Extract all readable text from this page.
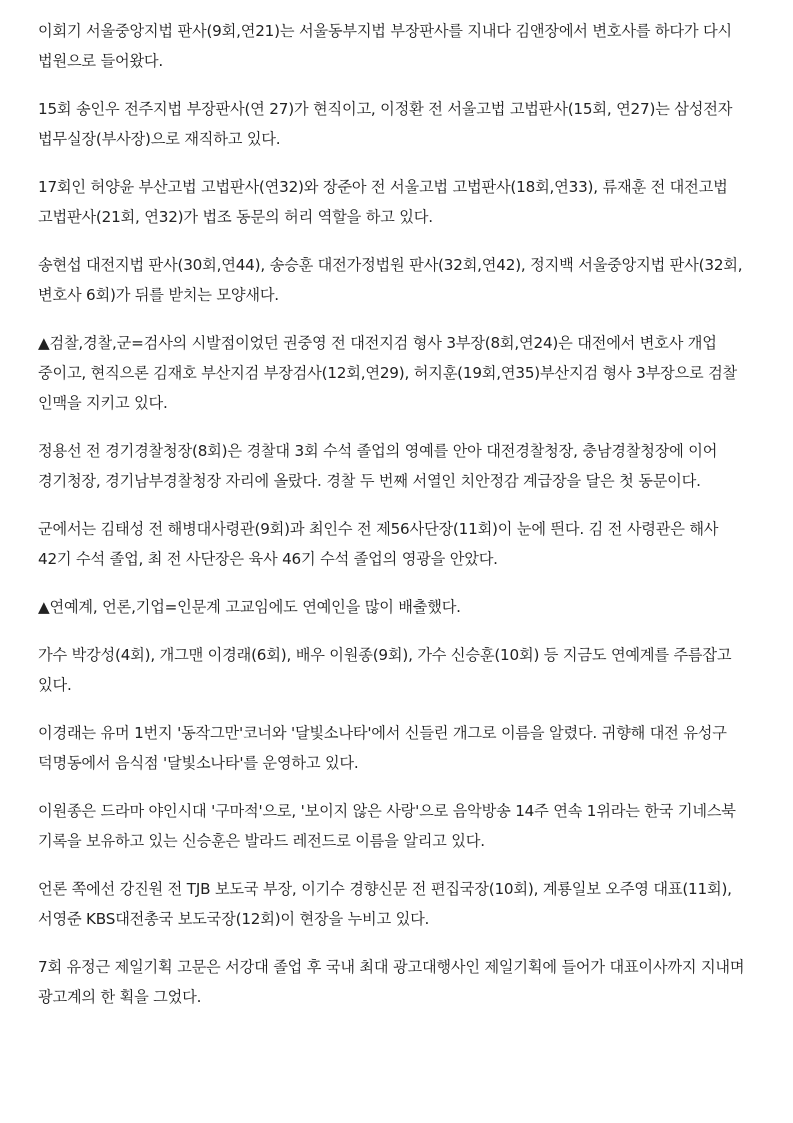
이회기 서울중앙지법 판사(9회,연21)는 서울동부지법 부장판사를 지내다 김앤장에서 변호사를 하다가 다시 법원으로 들어왔다.

15회 송인우 전주지법 부장판사(연 27)가 현직이고, 이정환 전 서울고법 고법판사(15회, 연27)는 삼성전자 법무실장(부사장)으로 재직하고 있다.

17회인 허양윤 부산고법 고법판사(연32)와 장준아 전 서울고법 고법판사(18회,연33), 류재훈 전 대전고법 고법판사(21회, 연32)가 법조 동문의 허리 역할을 하고 있다.

송현섭 대전지법 판사(30회,연44), 송승훈 대전가정법원 판사(32회,연42), 정지백 서울중앙지법 판사(32회,변호사 6회)가 뒤를 받치는 모양새다.

▲검찰,경찰,군=검사의 시발점이었던 권중영 전 대전지검 형사 3부장(8회,연24)은 대전에서 변호사 개업 중이고, 현직으론 김재호 부산지검 부장검사(12회,연29), 허지훈(19회,연35)부산지검 형사 3부장으로 검찰 인맥을 지키고 있다.

정용선 전 경기경찰청장(8회)은 경찰대 3회 수석 졸업의 영예를 안아 대전경찰청장, 충남경찰청장에 이어 경기청장, 경기남부경찰청장 자리에 올랐다. 경찰 두 번째 서열인 치안정감 계급장을 달은 첫 동문이다.

군에서는 김태성 전 해병대사령관(9회)과 최인수 전 제56사단장(11회)이 눈에 띈다. 김 전 사령관은 해사 42기 수석 졸업, 최 전 사단장은 육사 46기 수석 졸업의 영광을 안았다.

▲연예계, 언론,기업=인문계 고교임에도 연예인을 많이 배출했다.

가수 박강성(4회), 개그맨 이경래(6회), 배우 이원종(9회), 가수 신승훈(10회) 등 지금도 연예계를 주름잡고 있다.

이경래는 유머 1번지 '동작그만'코너와 '달빛소나타'에서 신들린 개그로 이름을 알렸다. 귀향해 대전 유성구 덕명동에서 음식점 '달빛소나타'를 운영하고 있다.

이원종은 드라마 야인시대 '구마적'으로, '보이지 않은 사랑'으로 음악방송 14주 연속 1위라는 한국 기네스북 기록을 보유하고 있는 신승훈은 발라드 레전드로 이름을 알리고 있다.

언론 쪽에선 강진원 전 TJB 보도국 부장, 이기수 경향신문 전 편집국장(10회), 계룡일보 오주영 대표(11회), 서영준 KBS대전총국 보도국장(12회)이 현장을 누비고 있다.

7회 유정근 제일기획 고문은 서강대 졸업 후 국내 최대 광고대행사인 제일기획에 들어가 대표이사까지 지내며 광고계의 한 획을 그었다.
